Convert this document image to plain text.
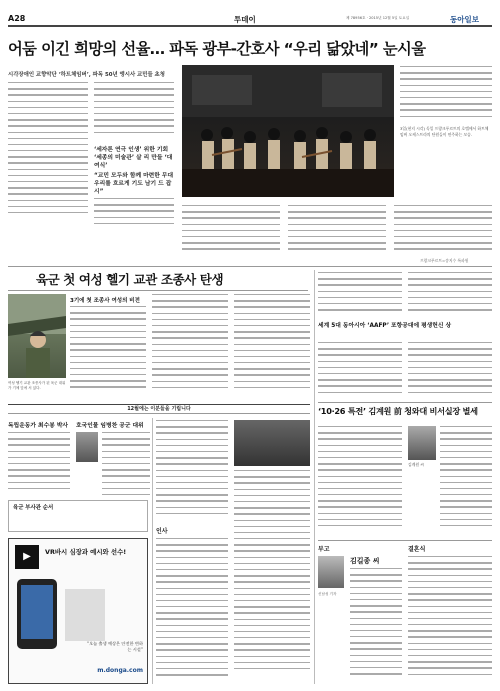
A28	투데이	제 78956호 · 2015년 12월 5일 토요일	동아일보
어둠 이긴 희망의 선율… 파독 광부-간호사 “우리 닮았네” 눈시울
시각장애인 교향악단 ‘하트체임버’, 파독 50년 앵시사 교민들 초청
‘세자론 연극 인생’ 위한 기회 ‘세종의 미술관’ 살 리 만들 ‘대여식’
“교민 모두와 함께 마련한 무대 우리를 흐르게 기도 남기 드 잡시”
3일(현지 시각) 독일 프랑크푸르트의 호텔에서 하트체임버 오케스트라의 단원들이 연주하는 모습.
프랑크푸르트=송지수 특파원
육군 첫 여성 헬기 교관 조종사 탄생
3기에 첫 조종사 여성의 비전
여성 헬기 교관 조종사가 된 육군 대위가 기체 앞에 서 있다.
12월에는 이분들을 기립니다
독립운동가 최수봉 박사 호국인물 임병찬 공군 대위
육군 부사관 순서
▶	VR바시 심장과 예시와 선수!
“오늘 출생 예상은 안전한 변하는 시설”
m.donga.com
인사
세계 5대 동아시아 ‘AAFP’ 포항공대에 평생헌신 상
‘10·26 특전’ 김계원 前 청와대 비서실장 별세
김계원 씨
부고
김길종 씨
신남성 기자
결혼식
